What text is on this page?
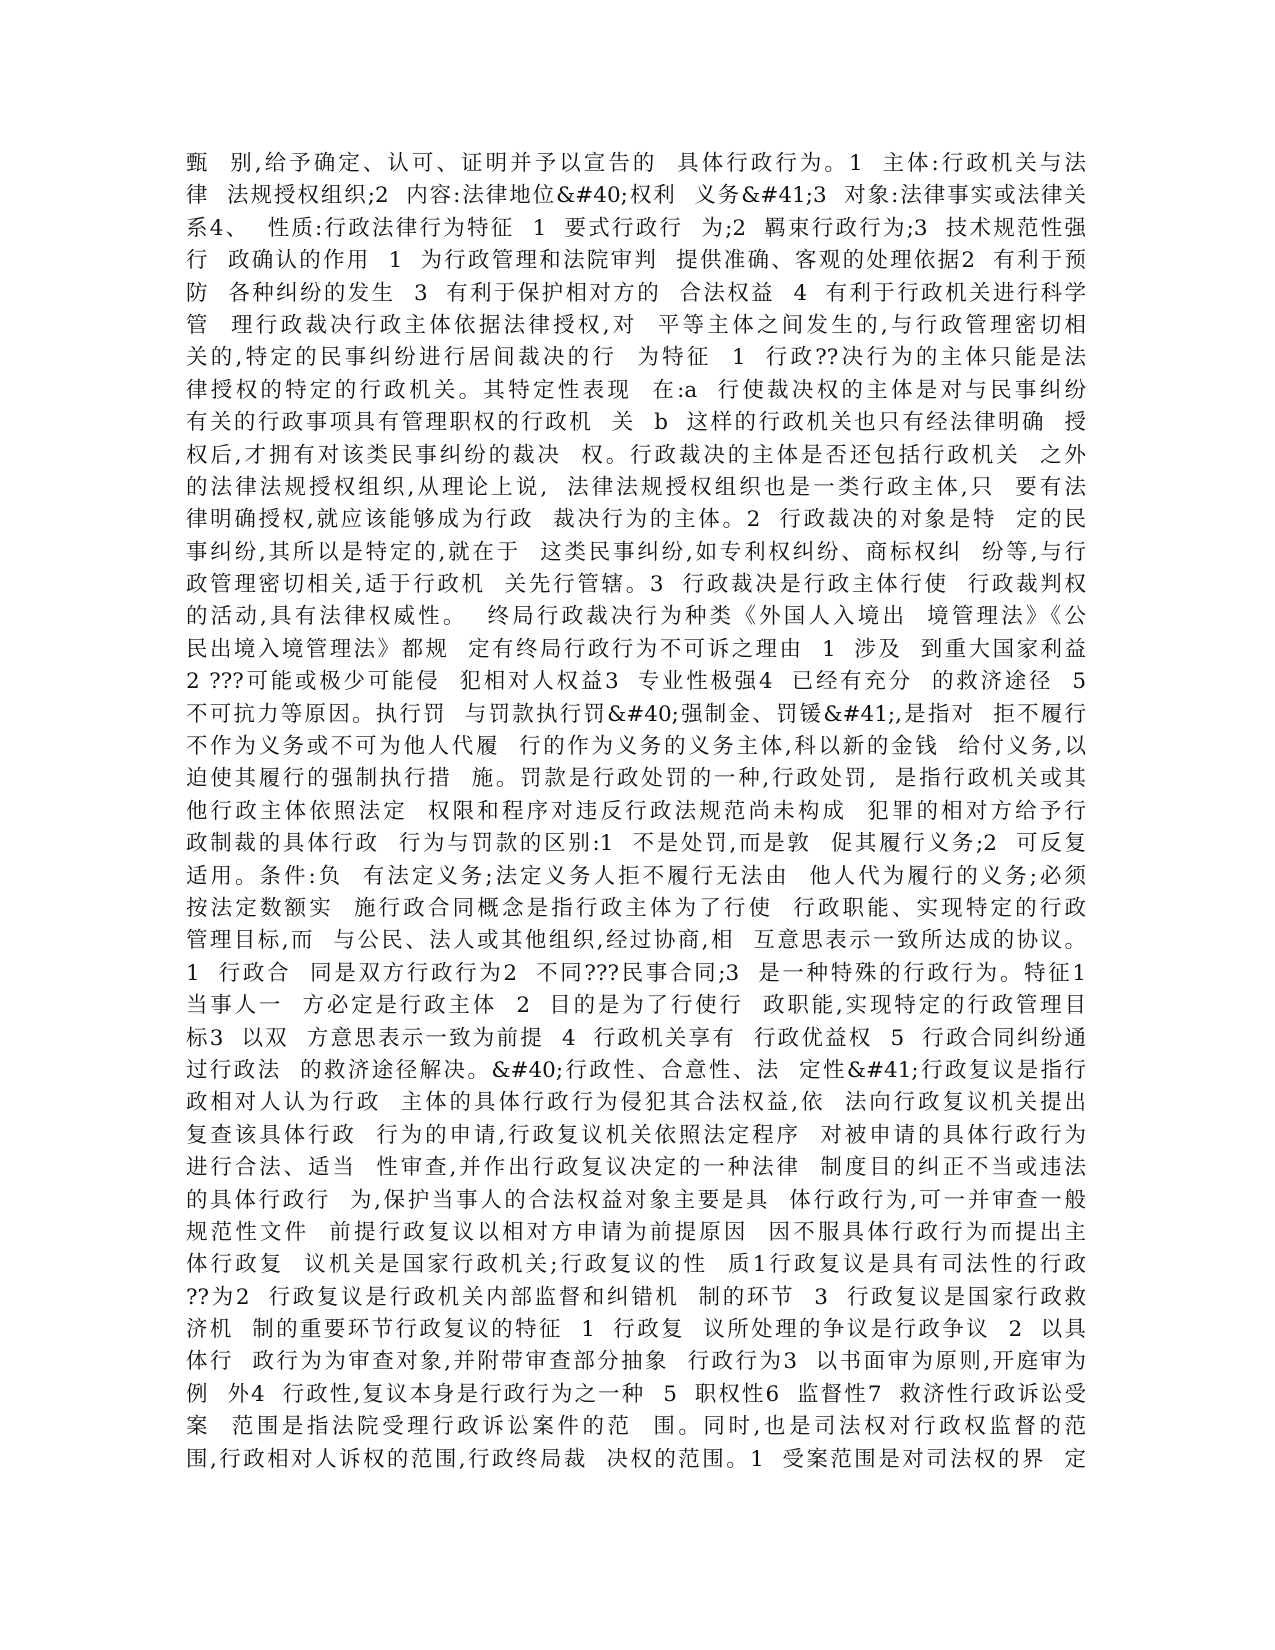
甄  别,给予确定、认可、证明并予以宣告的  具体行政行为。1  主体:行政机关与法
律  法规授权组织;2  内容:法律地位&#40;权利  义务&#41;3  对象:法律事实或法律关
系4、  性质:行政法律行为特征  1  要式行政行  为;2  羁束行政行为;3  技术规范性强
行  政确认的作用  1  为行政管理和法院审判  提供准确、客观的处理依据2  有利于预
防  各种纠纷的发生  3  有利于保护相对方的  合法权益  4  有利于行政机关进行科学
管  理行政裁决行政主体依据法律授权,对  平等主体之间发生的,与行政管理密切相
关的,特定的民事纠纷进行居间裁决的行  为特征  1  行政??决行为的主体只能是法
律授权的特定的行政机关。其特定性表现  在:a  行使裁决权的主体是对与民事纠纷
有关的行政事项具有管理职权的行政机  关  b  这样的行政机关也只有经法律明确  授
权后,才拥有对该类民事纠纷的裁决  权。行政裁决的主体是否还包括行政机关  之外
的法律法规授权组织,从理论上说,  法律法规授权组织也是一类行政主体,只  要有法
律明确授权,就应该能够成为行政  裁决行为的主体。2  行政裁决的对象是特  定的民
事纠纷,其所以是特定的,就在于  这类民事纠纷,如专利权纠纷、商标权纠  纷等,与行
政管理密切相关,适于行政机  关先行管辖。3  行政裁决是行政主体行使  行政裁判权
的活动,具有法律权威性。  终局行政裁决行为种类《外国人入境出  境管理法》《公
民出境入境管理法》都规  定有终局行政行为不可诉之理由  1  涉及  到重大国家利益
2 ???可能或极少可能侵  犯相对人权益3  专业性极强4  已经有充分  的救济途径  5
不可抗力等原因。执行罚  与罚款执行罚&#40;强制金、罚锾&#41;,是指对  拒不履行
不作为义务或不可为他人代履  行的作为义务的义务主体,科以新的金钱  给付义务,以
迫使其履行的强制执行措  施。罚款是行政处罚的一种,行政处罚,  是指行政机关或其
他行政主体依照法定  权限和程序对违反行政法规范尚未构成  犯罪的相对方给予行
政制裁的具体行政  行为与罚款的区别:1  不是处罚,而是敦  促其履行义务;2  可反复
适用。条件:负  有法定义务;法定义务人拒不履行无法由  他人代为履行的义务;必须
按法定数额实  施行政合同概念是指行政主体为了行使  行政职能、实现特定的行政
管理目标,而  与公民、法人或其他组织,经过协商,相  互意思表示一致所达成的协议。
1  行政合  同是双方行政行为2  不同???民事合同;3  是一种特殊的行政行为。特征1
当事人一  方必定是行政主体  2  目的是为了行使行  政职能,实现特定的行政管理目
标3  以双  方意思表示一致为前提  4  行政机关享有  行政优益权  5  行政合同纠纷通
过行政法  的救济途径解决。&#40;行政性、合意性、法  定性&#41;行政复议是指行
政相对人认为行政  主体的具体行政行为侵犯其合法权益,依  法向行政复议机关提出
复查该具体行政  行为的申请,行政复议机关依照法定程序  对被申请的具体行政行为
进行合法、适当  性审查,并作出行政复议决定的一种法律  制度目的纠正不当或违法
的具体行政行  为,保护当事人的合法权益对象主要是具  体行政行为,可一并审查一般
规范性文件  前提行政复议以相对方申请为前提原因  因不服具体行政行为而提出主
体行政复  议机关是国家行政机关;行政复议的性  质1行政复议是具有司法性的行政
??为2  行政复议是行政机关内部监督和纠错机  制的环节  3  行政复议是国家行政救
济机  制的重要环节行政复议的特征  1  行政复  议所处理的争议是行政争议  2  以具
体行  政行为为审查对象,并附带审查部分抽象  行政行为3  以书面审为原则,开庭审为
例  外4  行政性,复议本身是行政行为之一种  5  职权性6  监督性7  救济性行政诉讼受
案  范围是指法院受理行政诉讼案件的范  围。同时,也是司法权对行政权监督的范
围,行政相对人诉权的范围,行政终局裁  决权的范围。1  受案范围是对司法权的界  定
